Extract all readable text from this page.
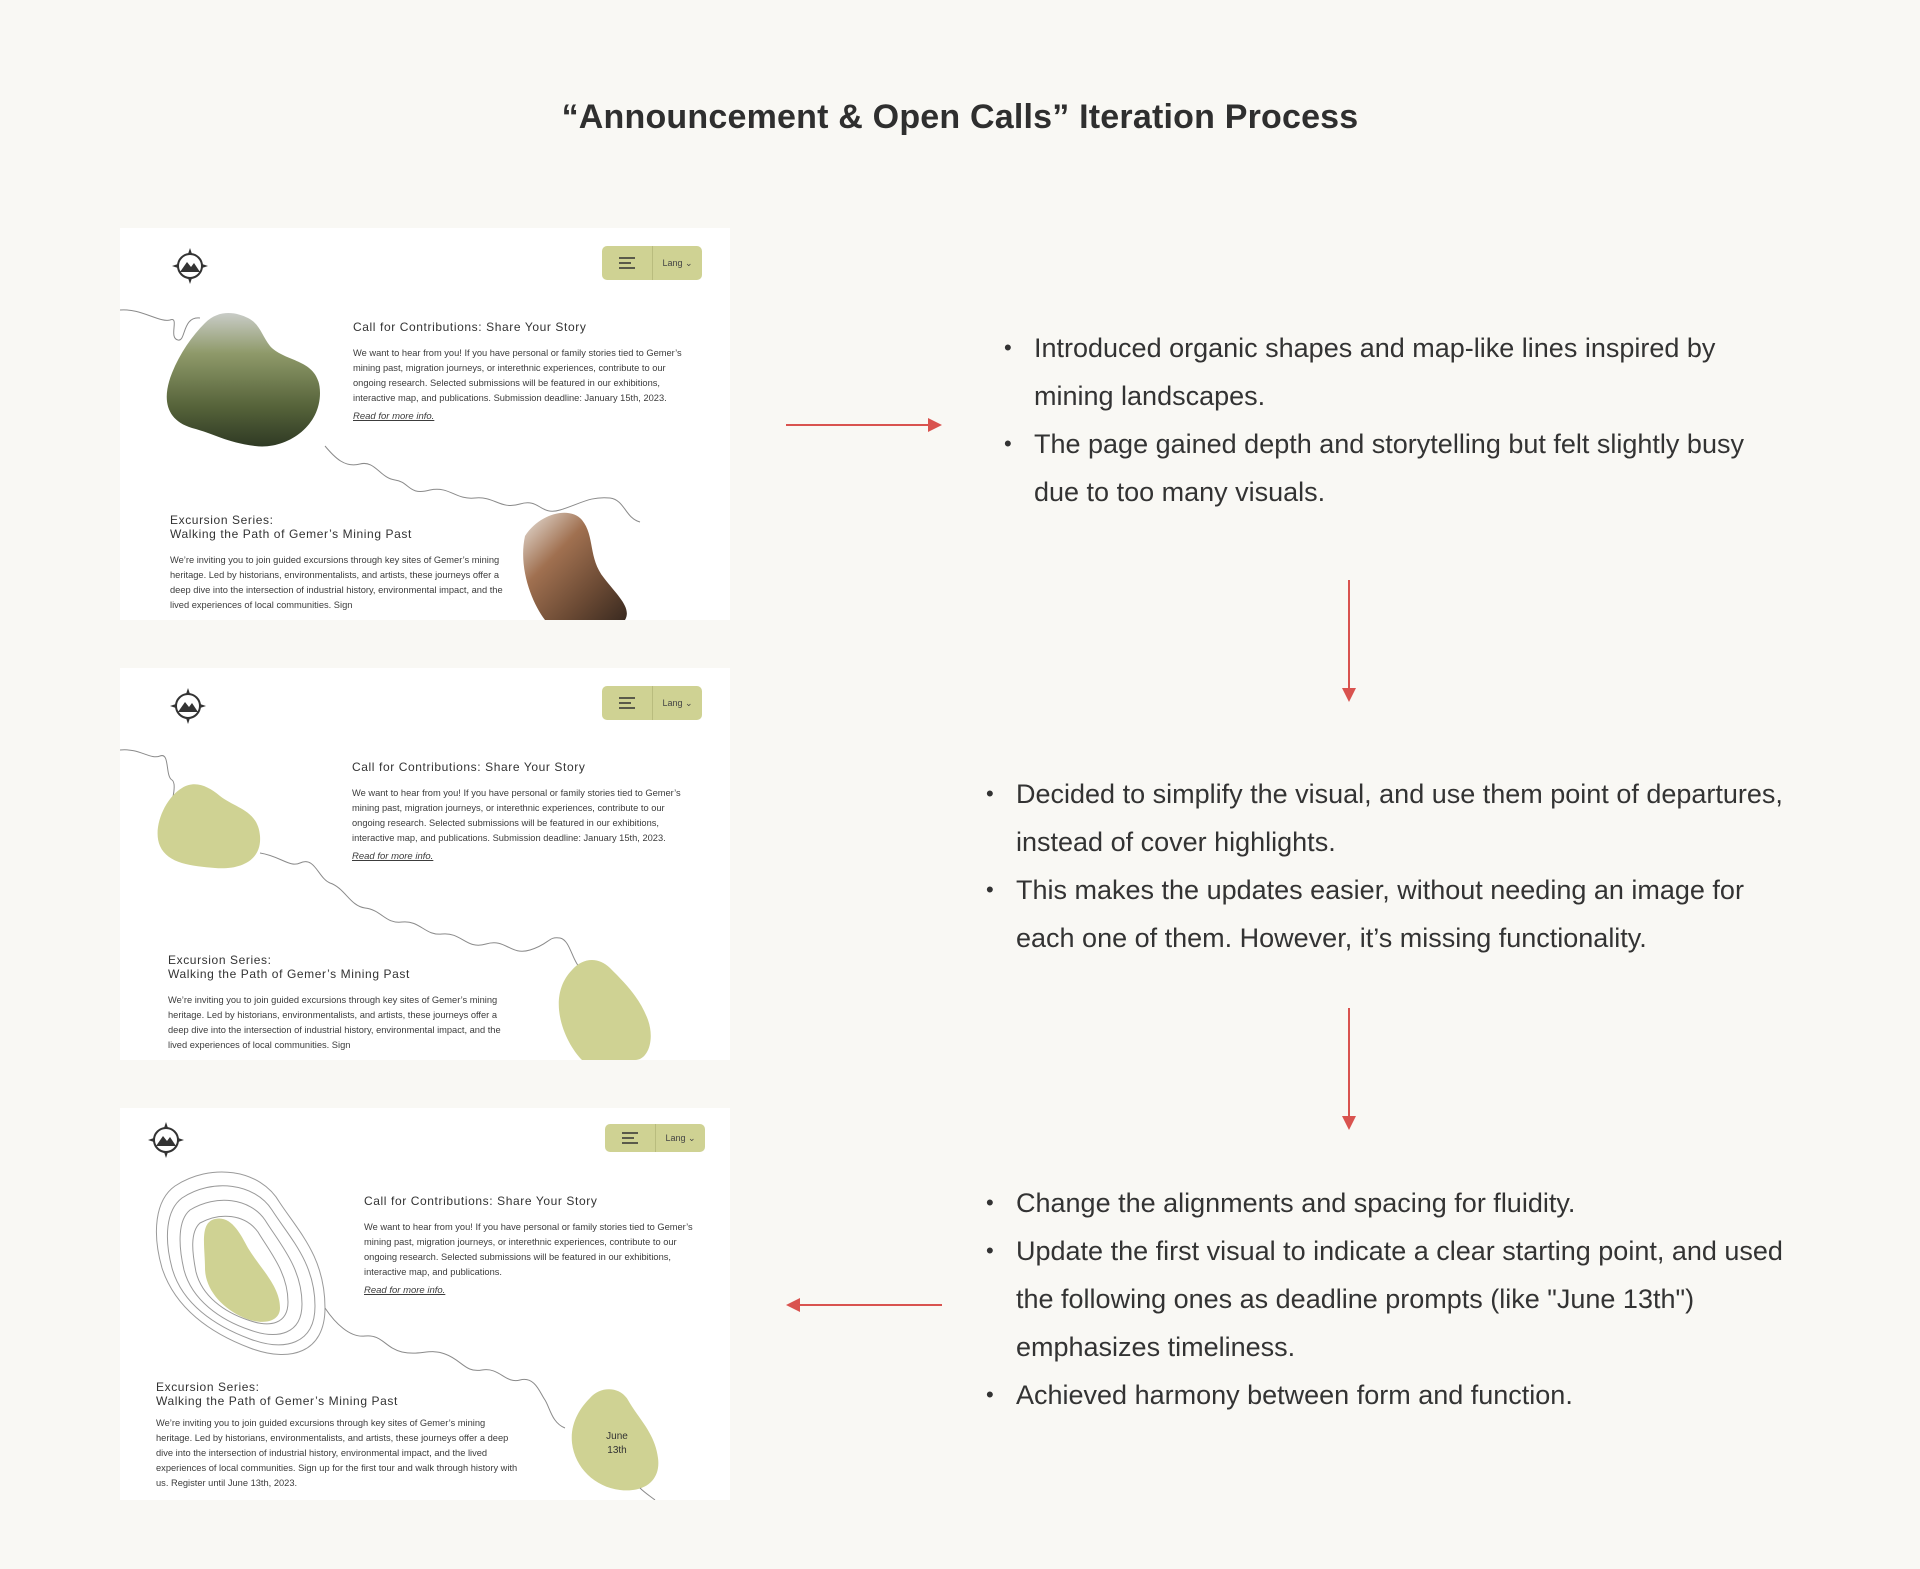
“Announcement & Open Calls” Iteration Process
Lang ⌄
Call for Contributions: Share Your Story
We want to hear from you! If you have personal or family stories tied to Gemer’s mining past, migration journeys, or interethnic experiences, contribute to our ongoing research. Selected submissions will be featured in our exhibitions, interactive map, and publications. Submission deadline: January 15th, 2023.
Read for more info.
Excursion Series:
Walking the Path of Gemer’s Mining Past
We’re inviting you to join guided excursions through key sites of Gemer’s mining heritage. Led by historians, environmentalists, and artists, these journeys offer a deep dive into the intersection of industrial history, environmental impact, and the lived experiences of local communities. Sign
Lang ⌄
Call for Contributions: Share Your Story
We want to hear from you! If you have personal or family stories tied to Gemer’s mining past, migration journeys, or interethnic experiences, contribute to our ongoing research. Selected submissions will be featured in our exhibitions, interactive map, and publications. Submission deadline: January 15th, 2023.
Read for more info.
Excursion Series:
Walking the Path of Gemer’s Mining Past
We’re inviting you to join guided excursions through key sites of Gemer’s mining heritage. Led by historians, environmentalists, and artists, these journeys offer a deep dive into the intersection of industrial history, environmental impact, and the lived experiences of local communities. Sign
Lang ⌄
Call for Contributions: Share Your Story
We want to hear from you! If you have personal or family stories tied to Gemer’s mining past, migration journeys, or interethnic experiences, contribute to our ongoing research. Selected submissions will be featured in our exhibitions, interactive map, and publications.
Read for more info.
Excursion Series:
Walking the Path of Gemer’s Mining Past
We’re inviting you to join guided excursions through key sites of Gemer’s mining heritage. Led by historians, environmentalists, and artists, these journeys offer a deep dive into the intersection of industrial history, environmental impact, and the lived experiences of local communities. Sign up for the first tour and walk through history with us. Register until June 13th, 2023.
June
13th
• Introduced organic shapes and map-like lines inspired by mining landscapes.
• The page gained depth and storytelling but felt slightly busy due to too many visuals.
• Decided to simplify the visual, and use them point of departures, instead of cover highlights.
• This makes the updates easier, without needing an image for each one of them. However, it’s missing functionality.
• Change the alignments and spacing for fluidity.
• Update the first visual to indicate a clear starting point, and used the following ones as deadline prompts (like "June 13th") emphasizes timeliness.
• Achieved harmony between form and function.
